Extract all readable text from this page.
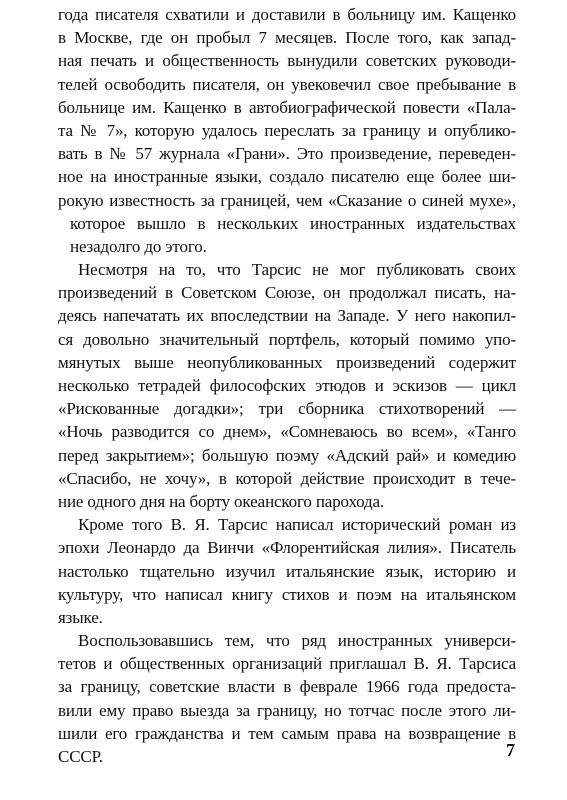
года писателя схватили и доставили в больницу им. Кащенко
в Москве, где он пробыл 7 месяцев. После того, как запад-
ная печать и общественность вынудили советских руководи-
телей освободить писателя, он увековечил свое пребывание в
больнице им. Кащенко в автобиографической повести «Пала-
та № 7», которую удалось переслать за границу и опублико-
вать в № 57 журнала «Грани». Это произведение, переведен-
ное на иностранные языки, создало писателю еще более ши-
рокую известность за границей, чем «Сказание о синей мухе»,
которое вышло в нескольких иностранных издательствах
незадолго до этого.
Несмотря на то, что Тарсис не мог публиковать своих
произведений в Советском Союзе, он продолжал писать, на-
деясь напечатать их впоследствии на Западе. У него накопил-
ся довольно значительный портфель, который помимо упо-
мянутых выше неопубликованных произведений содержит
несколько тетрадей философских этюдов и эскизов — цикл
«Рискованные догадки»; три сборника стихотворений —
«Ночь разводится со днем», «Сомневаюсь во всем», «Танго
перед закрытием»; большую поэму «Адский рай» и комедию
«Спасибо, не хочу», в которой действие происходит в тече-
ние одного дня на борту океанского парохода.
Кроме того В. Я. Тарсис написал исторический роман из
эпохи Леонардо да Винчи «Флорентийская лилия». Писатель
настолько тщательно изучил итальянские язык, историю и
культуру, что написал книгу стихов и поэм на итальянском
языке.
Воспользовавшись тем, что ряд иностранных универси-
тетов и общественных организаций приглашал В. Я. Тарсиса
за границу, советские власти в феврале 1966 года предоста-
вили ему право выезда за границу, но тотчас после этого ли-
шили его гражданства и тем самым права на возвращение в
СССР.	7
